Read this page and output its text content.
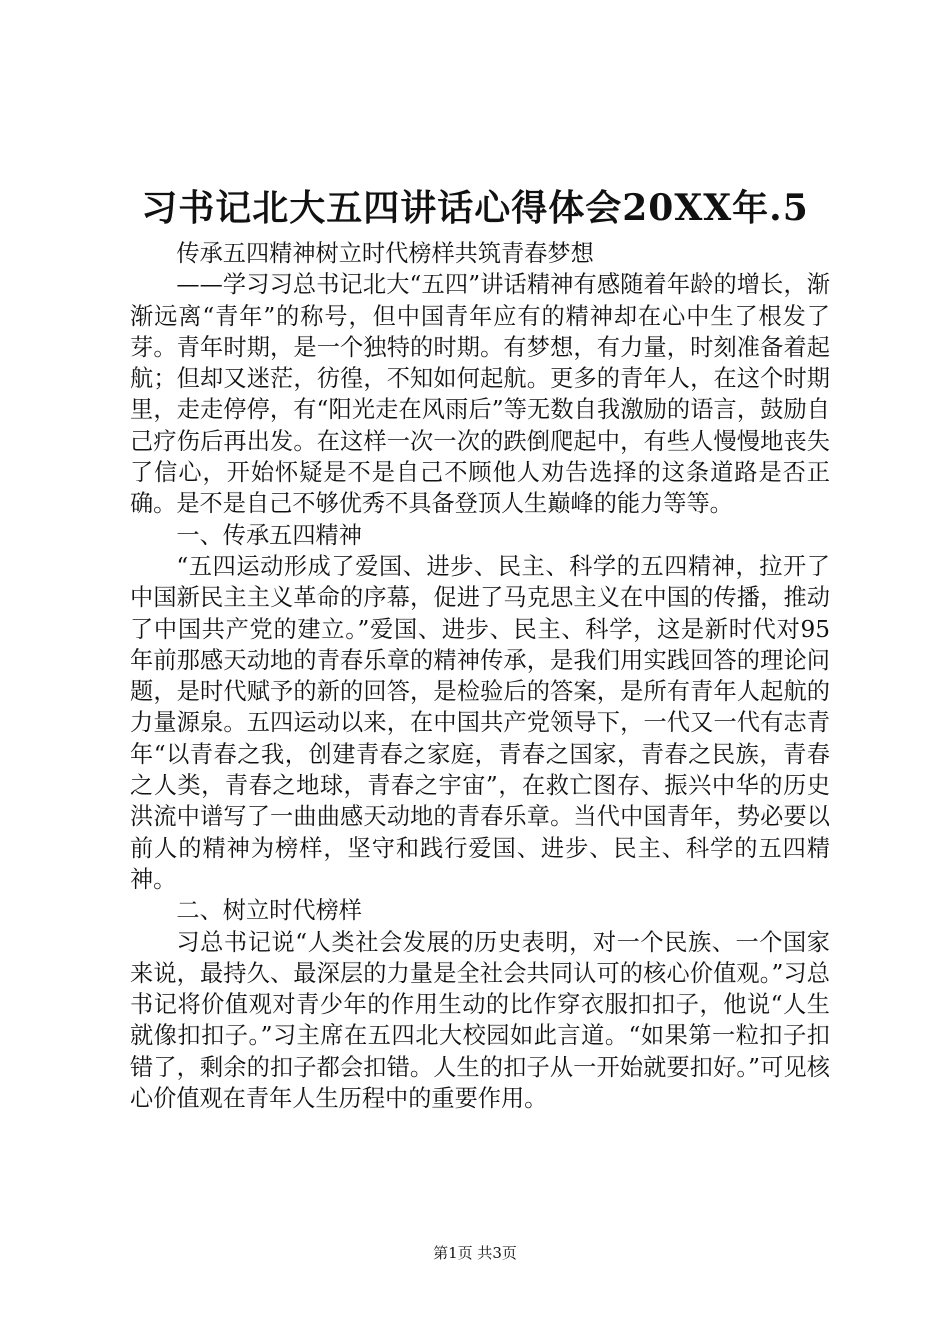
习书记北大五四讲话心得体会20XX年.5

传承五四精神树立时代榜样共筑青春梦想

——学习习总书记北大“五四”讲话精神有感随着年龄的增长，渐渐远离“青年”的称号，但中国青年应有的精神却在心中生了根发了芽。青年时期，是一个独特的时期。有梦想，有力量，时刻准备着起航；但却又迷茫，彷徨，不知如何起航。更多的青年人，在这个时期里，走走停停，有“阳光走在风雨后”等无数自我激励的语言，鼓励自己疗伤后再出发。在这样一次一次的跌倒爬起中，有些人慢慢地丧失了信心，开始怀疑是不是自己不顾他人劝告选择的这条道路是否正确。是不是自己不够优秀不具备登顶人生巅峰的能力等等。

一、传承五四精神

“五四运动形成了爱国、进步、民主、科学的五四精神，拉开了中国新民主主义革命的序幕，促进了马克思主义在中国的传播，推动了中国共产党的建立。”爱国、进步、民主、科学，这是新时代对95年前那感天动地的青春乐章的精神传承，是我们用实践回答的理论问题，是时代赋予的新的回答，是检验后的答案，是所有青年人起航的力量源泉。五四运动以来，在中国共产党领导下，一代又一代有志青年“以青春之我，创建青春之家庭，青春之国家，青春之民族，青春之人类，青春之地球，青春之宇宙”，在救亡图存、振兴中华的历史洪流中谱写了一曲曲感天动地的青春乐章。当代中国青年，势必要以前人的精神为榜样，坚守和践行爱国、进步、民主、科学的五四精神。

二、树立时代榜样

习总书记说“人类社会发展的历史表明，对一个民族、一个国家来说，最持久、最深层的力量是全社会共同认可的核心价值观。”习总书记将价值观对青少年的作用生动的比作穿衣服扣扣子，他说“人生就像扣扣子。”习主席在五四北大校园如此言道。“如果第一粒扣子扣错了，剩余的扣子都会扣错。人生的扣子从一开始就要扣好。”可见核心价值观在青年人生历程中的重要作用。

第1页 共3页
